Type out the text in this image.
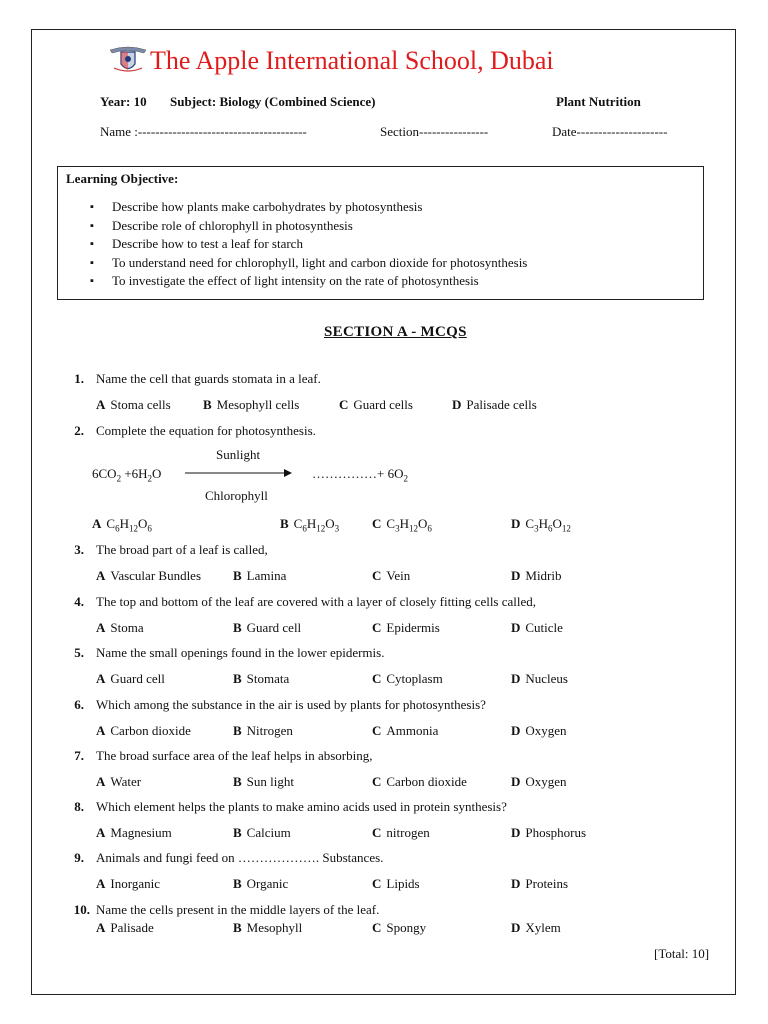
The Apple International School, Dubai
Year: 10 Subject: Biology (Combined Science)	Plant Nutrition
Name :---------------------------------------	Section----------------	Date---------------------
Learning Objective:
▪ Describe how plants make carbohydrates by photosynthesis
▪ Describe role of chlorophyll in photosynthesis
▪ Describe how to test a leaf for starch
▪ To understand need for chlorophyll, light and carbon dioxide for photosynthesis
▪ To investigate the effect of light intensity on the rate of photosynthesis
SECTION A - MCQS
1. Name the cell that guards stomata in a leaf.
A Stoma cells B Mesophyll cells	C Guard cells	D Palisade cells
2. Complete the equation for photosynthesis.
Sunlight
$6CO_2 +6H_2O$	……………+ $6O_2$
Chlorophyll
A $C_6H_{12}O_6$	B $C_6H_{12}O_3$	C $C_3H_{12}O_6$	D $C_3H_6O_{12}$
3. The broad part of a leaf is called,
A Vascular Bundles B Lamina	C Vein	D Midrib
4. The top and bottom of the leaf are covered with a layer of closely fitting cells called,
A Stoma	B Guard cell	C Epidermis	D Cuticle
5. Name the small openings found in the lower epidermis.
A Guard cell	B Stomata	C Cytoplasm	D Nucleus
6. Which among the substance in the air is used by plants for photosynthesis?
A Carbon dioxide	B Nitrogen	C Ammonia	D Oxygen
7. The broad surface area of the leaf helps in absorbing,
A Water	B Sun light	C Carbon dioxide	D Oxygen
8. Which element helps the plants to make amino acids used in protein synthesis?
A Magnesium	B Calcium	C nitrogen	D Phosphorus
9. Animals and fungi feed on ………………. Substances.
A Inorganic	B Organic	C Lipids	D Proteins
10. Name the cells present in the middle layers of the leaf.
A Palisade	B Mesophyll	C Spongy	D Xylem
[Total: 10]
